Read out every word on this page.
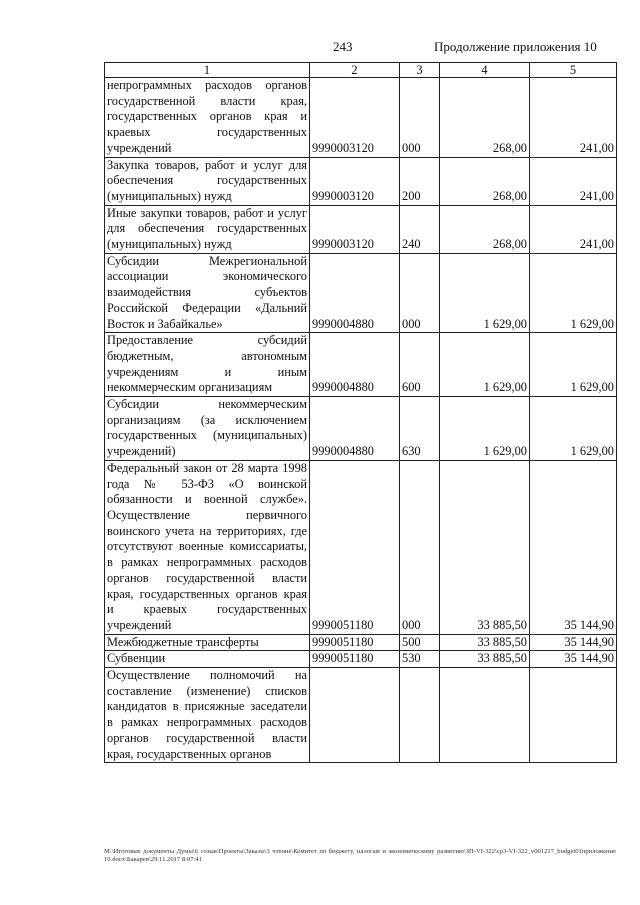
243	Продолжение приложения 10
1	2	3	4	5
непрограммных расходов органов государственной власти края, государственных органов края и краевых государственных учреждений	9990003120	000	268,00	241,00
Закупка товаров, работ и услуг для обеспечения государственных (муниципальных) нужд	9990003120	200	268,00	241,00
Иные закупки товаров, работ и услуг для обеспечения государственных (муниципальных) нужд	9990003120	240	268,00	241,00
Субсидии Межрегиональной ассоциации экономического взаимодействия субъектов Российской Федерации «Дальний Восток и Забайкалье»	9990004880	000	1 629,00	1 629,00
Предоставление субсидий бюджетным, автономным учреждениям и иным некоммерческим организациям	9990004880	600	1 629,00	1 629,00
Субсидии некоммерческим организациям (за исключением государственных (муниципальных) учреждений)	9990004880	630	1 629,00	1 629,00
Федеральный закон от 28 марта 1998 года № 53-ФЗ «О воинской обязанности и военной службе». Осуществление первичного воинского учета на территориях, где отсутствуют военные комиссариаты, в рамках непрограммных расходов органов государственной власти края, государственных органов края и краевых государственных учреждений	9990051180	000	33 885,50	35 144,90
Межбюджетные трансферты	9990051180	500	33 885,50	35 144,90
Субвенции	9990051180	530	33 885,50	35 144,90
Осуществление полномочий на составление (изменение) списков кандидатов в присяжные заседатели в рамках непрограммных расходов органов государственной власти края, государственных органов				
M:\Итоговые документы Думы\6 созыв\Проекты\Заказы\3 чтение\Комитет по бюджету, налогам и экономическому развитию\ЗП-VI-322\сp3-VI-322_v001217_budget01приложение 10.docx\Бакарев\29.11.2017 8:07:41
